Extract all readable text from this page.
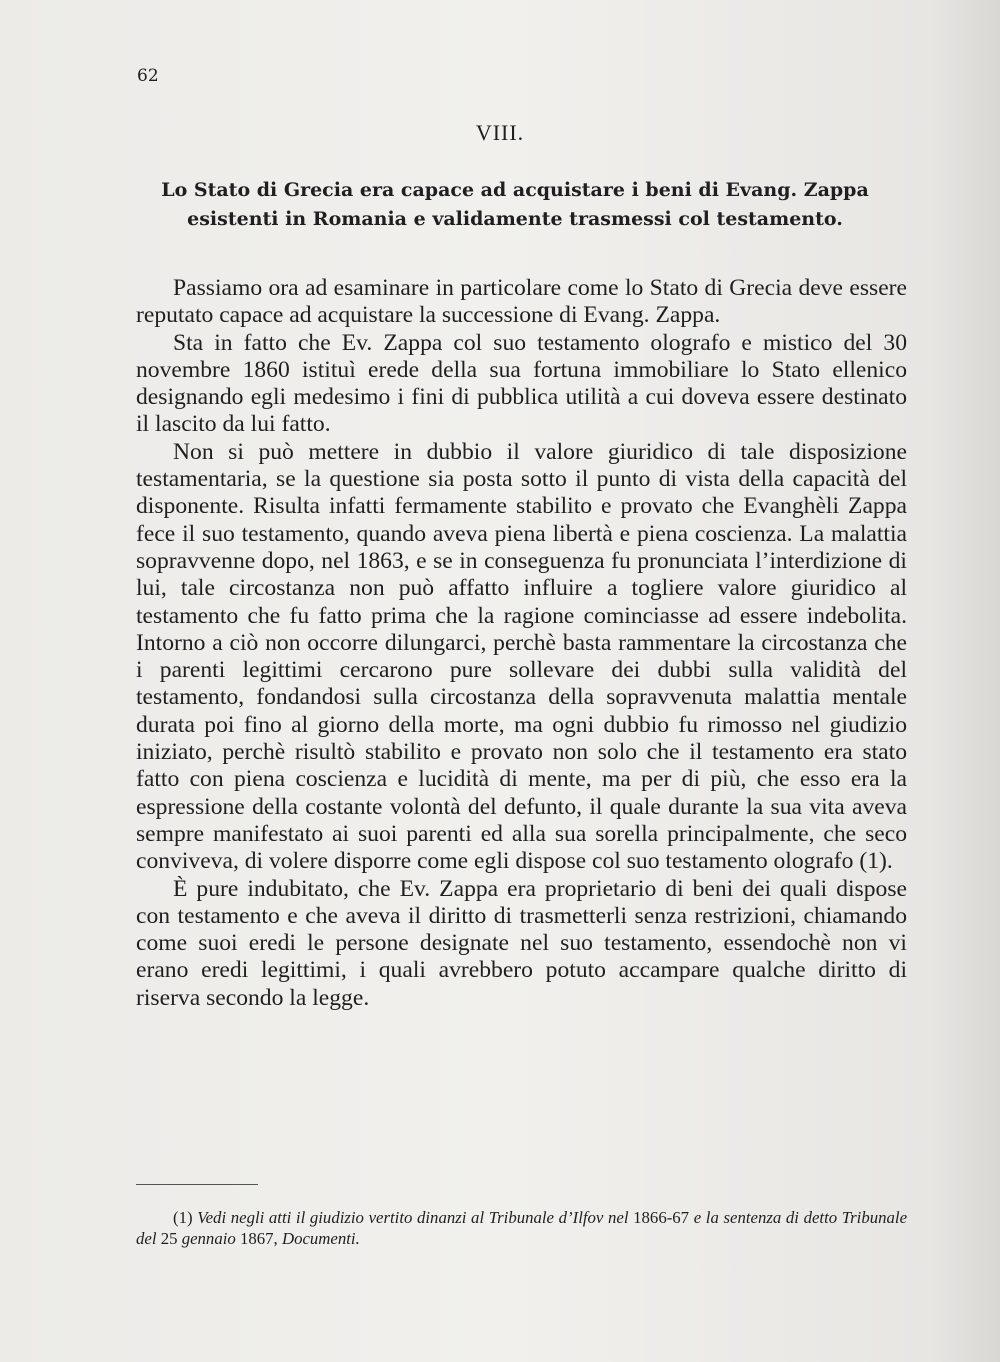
62
VIII.
Lo Stato di Grecia era capace ad acquistare i beni di Evang. Zappa esistenti in Romania e validamente trasmessi col testamento.

Passiamo ora ad esaminare in particolare come lo Stato di Grecia deve essere reputato capace ad acquistare la successione di Evang. Zappa.

Sta in fatto che Ev. Zappa col suo testamento olografo e mistico del 30 novembre 1860 istituì erede della sua fortuna immobiliare lo Stato ellenico designando egli medesimo i fini di pubblica utilità a cui doveva essere destinato il lascito da lui fatto.

Non si può mettere in dubbio il valore giuridico di tale disposizione testamentaria, se la questione sia posta sotto il punto di vista della capacità del disponente. Risulta infatti fermamente stabilito e provato che Evanghèli Zappa fece il suo testamento, quando aveva piena libertà e piena coscienza. La malattia sopravvenne dopo, nel 1863, e se in conseguenza fu pronunciata l’interdizione di lui, tale circostanza non può affatto influire a togliere valore giuridico al testamento che fu fatto prima che la ragione cominciasse ad essere indebolita. Intorno a ciò non occorre dilungarci, perchè basta rammentare la circostanza che i parenti legittimi cercarono pure sollevare dei dubbi sulla validità del testamento, fondandosi sulla circostanza della sopravvenuta malattia mentale durata poi fino al giorno della morte, ma ogni dubbio fu rimosso nel giudizio iniziato, perchè risultò stabilito e provato non solo che il testamento era stato fatto con piena coscienza e lucidità di mente, ma per di più, che esso era la espressione della costante volontà del defunto, il quale durante la sua vita aveva sempre manifestato ai suoi parenti ed alla sua sorella principalmente, che seco conviveva, di volere disporre come egli dispose col suo testamento olografo (1).

È pure indubitato, che Ev. Zappa era proprietario di beni dei quali dispose con testamento e che aveva il diritto di trasmetterli senza restrizioni, chiamando come suoi eredi le persone designate nel suo testamento, essendochè non vi erano eredi legittimi, i quali avrebbero potuto accampare qualche diritto di riserva secondo la legge.

(1) Vedi negli atti il giudizio vertito dinanzi al Tribunale d’Ilfov nel 1866-67 e la sentenza di detto Tribunale del 25 gennaio 1867, Documenti.
